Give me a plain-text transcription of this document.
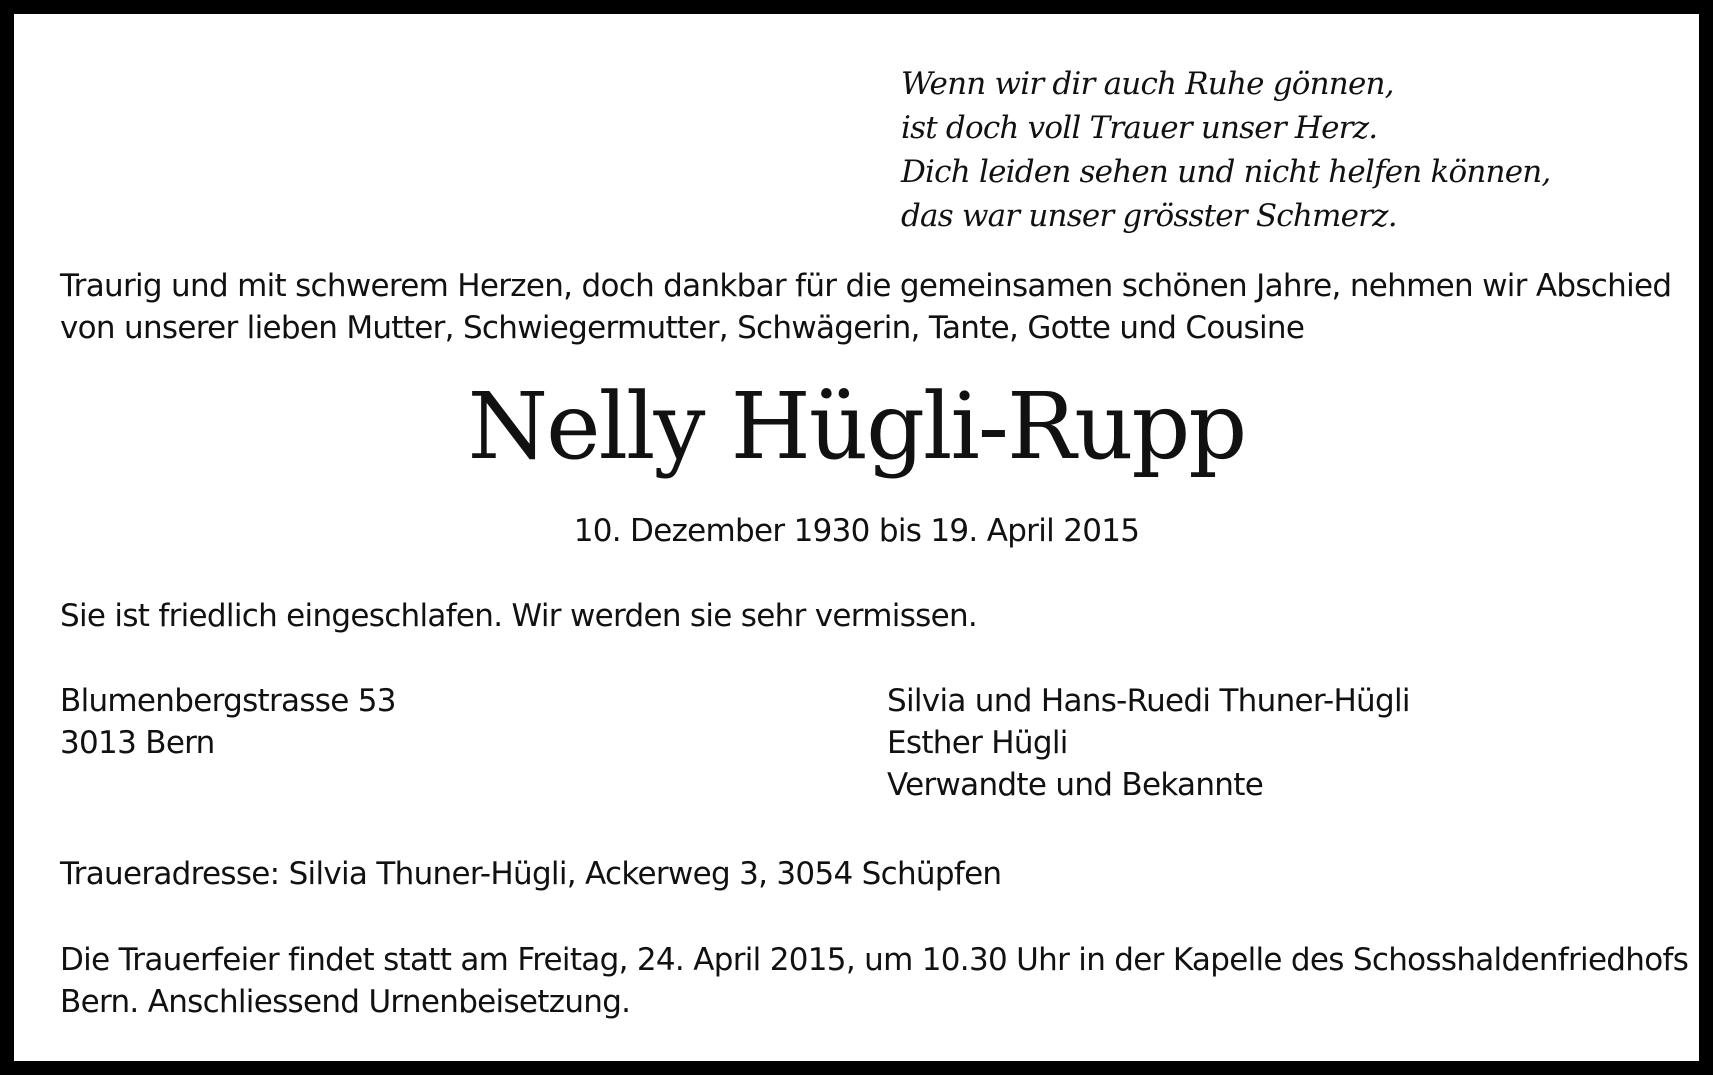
Wenn wir dir auch Ruhe gönnen,
ist doch voll Trauer unser Herz.
Dich leiden sehen und nicht helfen können,
das war unser grösster Schmerz.
Traurig und mit schwerem Herzen, doch dankbar für die gemeinsamen schönen Jahre, nehmen wir Abschied
von unserer lieben Mutter, Schwiegermutter, Schwägerin, Tante, Gotte und Cousine
Nelly Hügli-Rupp
10. Dezember 1930 bis 19. April 2015
Sie ist friedlich eingeschlafen. Wir werden sie sehr vermissen.
Blumenbergstrasse 53
3013 Bern
Silvia und Hans-Ruedi Thuner-Hügli
Esther Hügli
Verwandte und Bekannte
Traueradresse: Silvia Thuner-Hügli, Ackerweg 3, 3054 Schüpfen
Die Trauerfeier findet statt am Freitag, 24. April 2015, um 10.30 Uhr in der Kapelle des Schosshaldenfriedhofs
Bern. Anschliessend Urnenbeisetzung.
